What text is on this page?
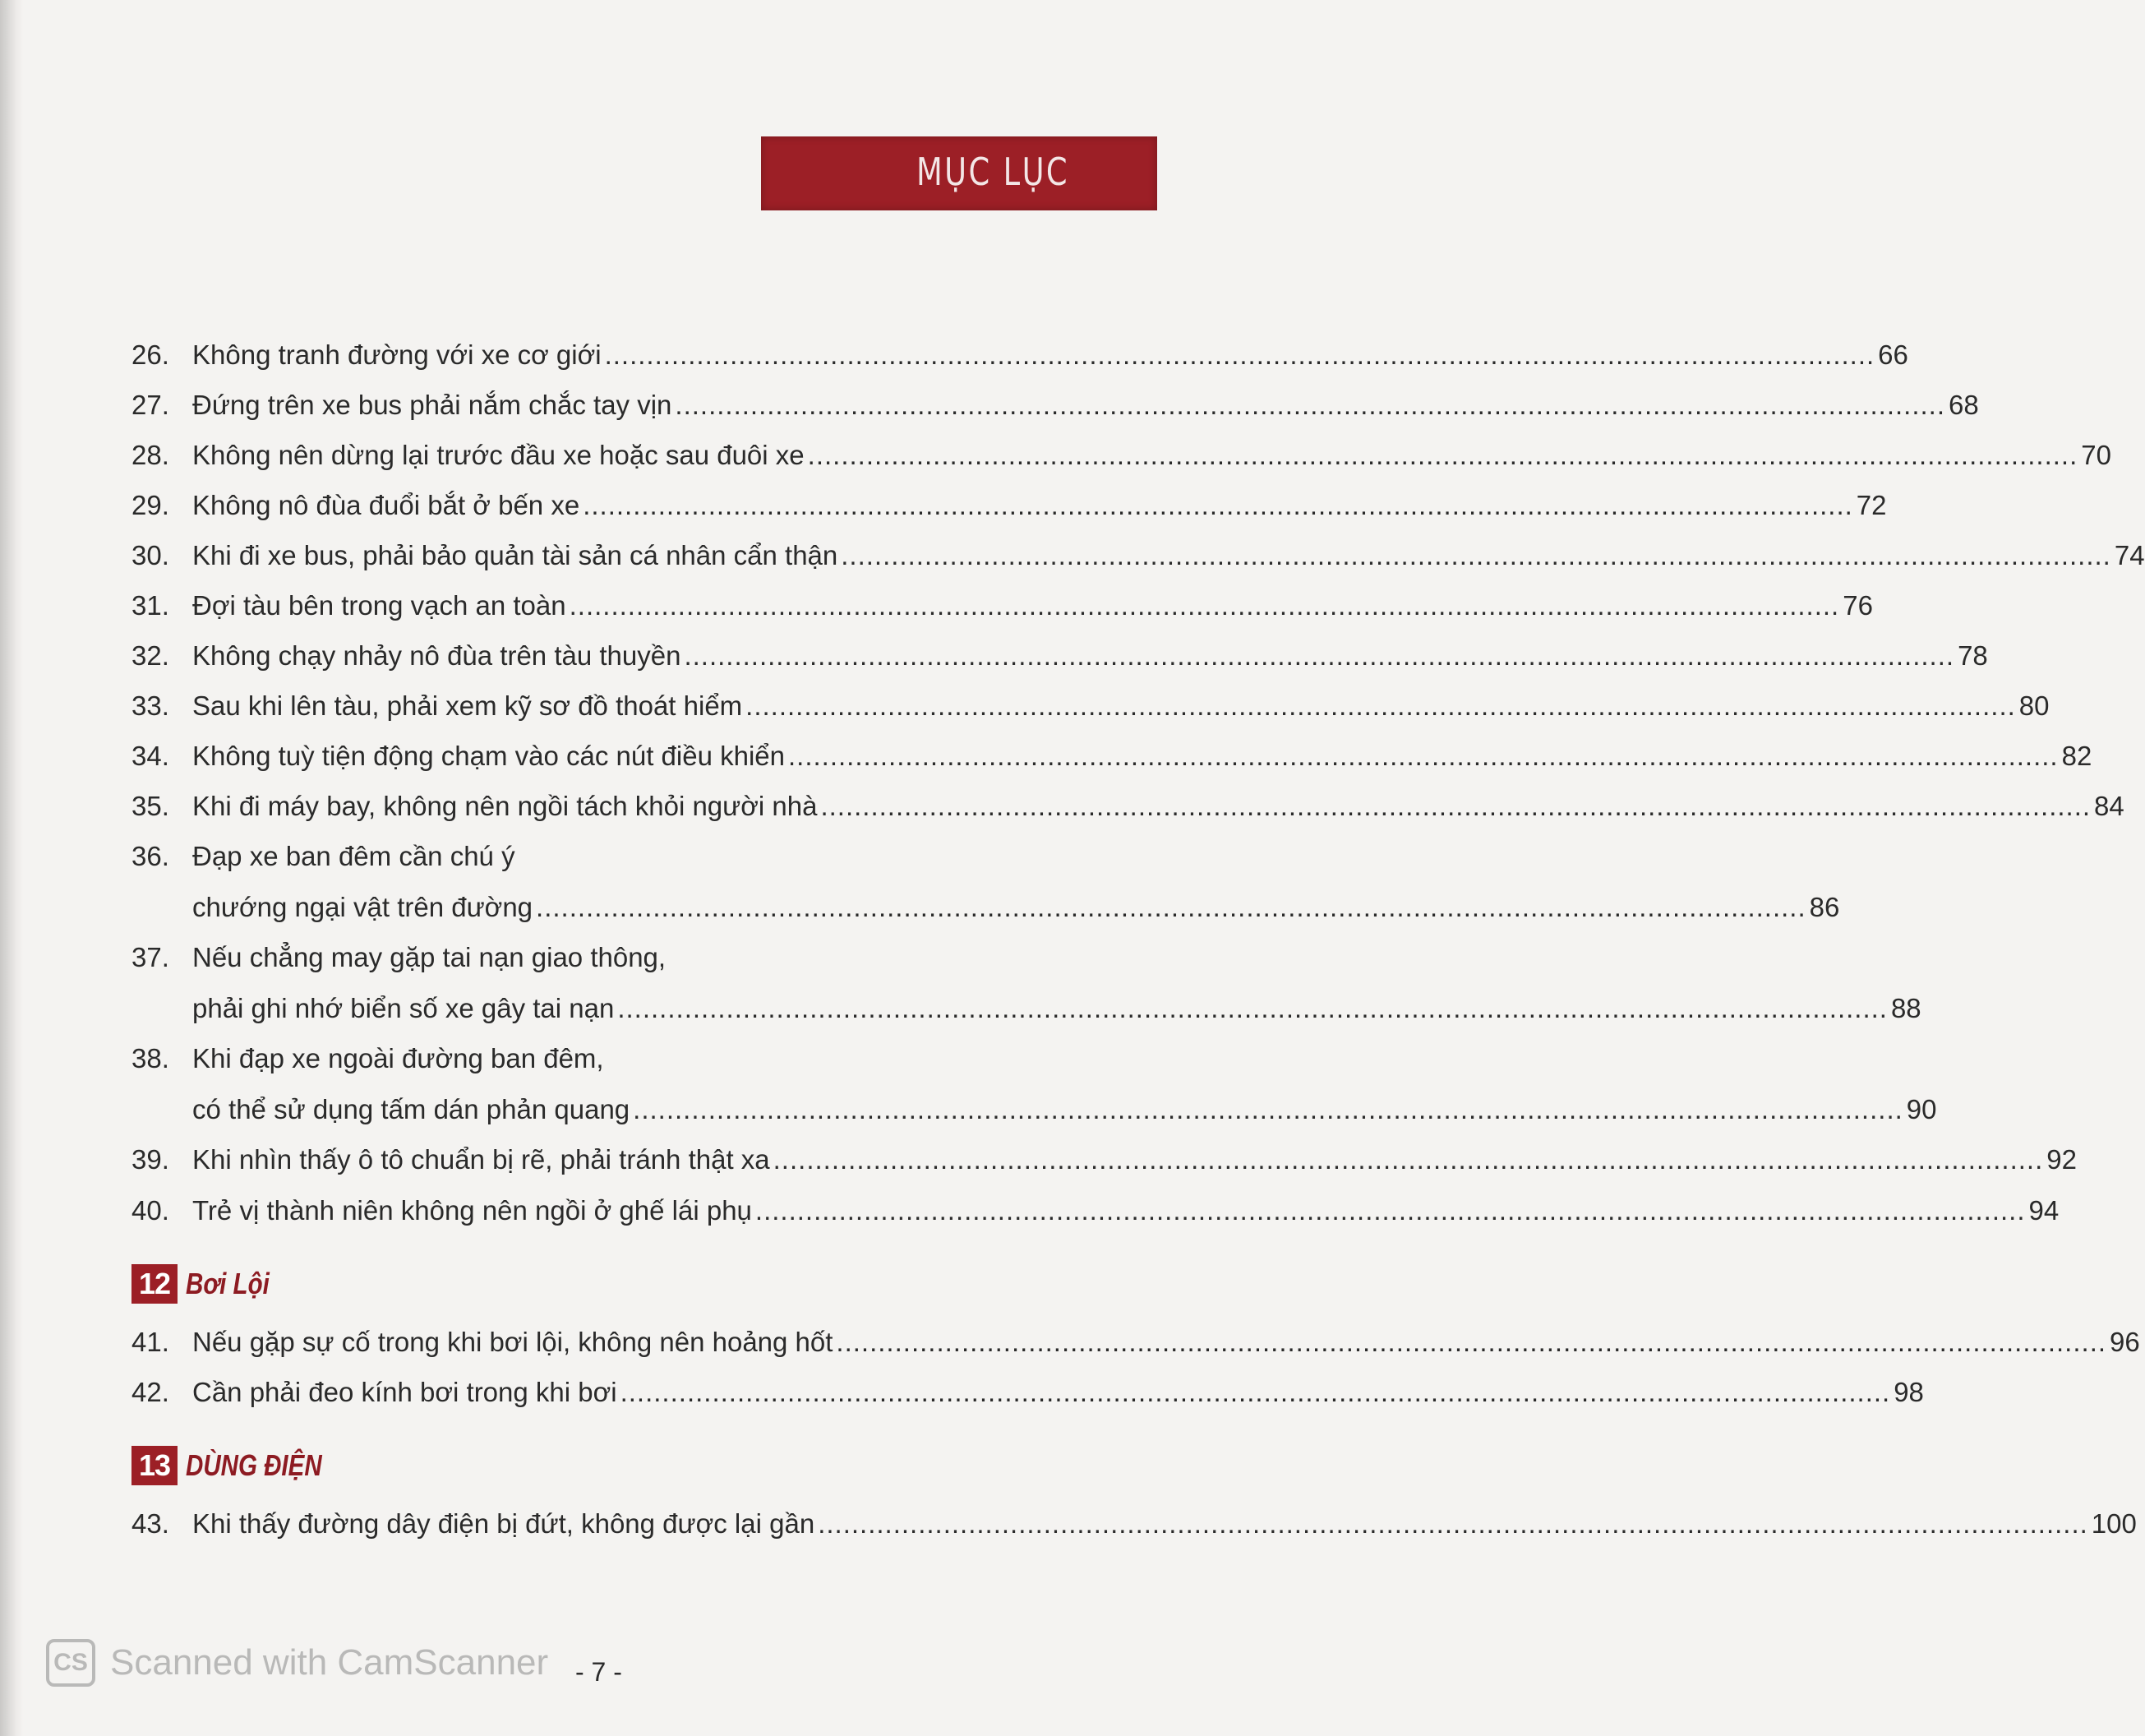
MỤC LỤC
26. Không tranh đường với xe cơ giới ........................................................................................................................................................ 66
27. Đứng trên xe bus phải nắm chắc tay vịn ........................................................................................................................................................ 68
28. Không nên dừng lại trước đầu xe hoặc sau đuôi xe ........................................................................................................................................................ 70
29. Không nô đùa đuổi bắt ở bến xe ........................................................................................................................................................ 72
30. Khi đi xe bus, phải bảo quản tài sản cá nhân cẩn thận ........................................................................................................................................................ 74
31. Đợi tàu bên trong vạch an toàn ........................................................................................................................................................ 76
32. Không chạy nhảy nô đùa trên tàu thuyền ........................................................................................................................................................ 78
33. Sau khi lên tàu, phải xem kỹ sơ đồ thoát hiểm ........................................................................................................................................................ 80
34. Không tuỳ tiện động chạm vào các nút điều khiển ........................................................................................................................................................ 82
35. Khi đi máy bay, không nên ngồi tách khỏi người nhà ........................................................................................................................................................ 84
36. Đạp xe ban đêm cần chú ý
chướng ngại vật trên đường ........................................................................................................................................................ 86
37. Nếu chẳng may gặp tai nạn giao thông,
phải ghi nhớ biển số xe gây tai nạn ........................................................................................................................................................ 88
38. Khi đạp xe ngoài đường ban đêm,
có thể sử dụng tấm dán phản quang ........................................................................................................................................................ 90
39. Khi nhìn thấy ô tô chuẩn bị rẽ, phải tránh thật xa ........................................................................................................................................................ 92
40. Trẻ vị thành niên không nên ngồi ở ghế lái phụ ........................................................................................................................................................ 94
12 Bơi Lội
41. Nếu gặp sự cố trong khi bơi lội, không nên hoảng hốt ........................................................................................................................................................ 96
42. Cần phải đeo kính bơi trong khi bơi ........................................................................................................................................................ 98
13 DÙNG ĐIỆN
43. Khi thấy đường dây điện bị đứt, không được lại gần ........................................................................................................................................................ 100
CS Scanned with CamScanner - 7 -
